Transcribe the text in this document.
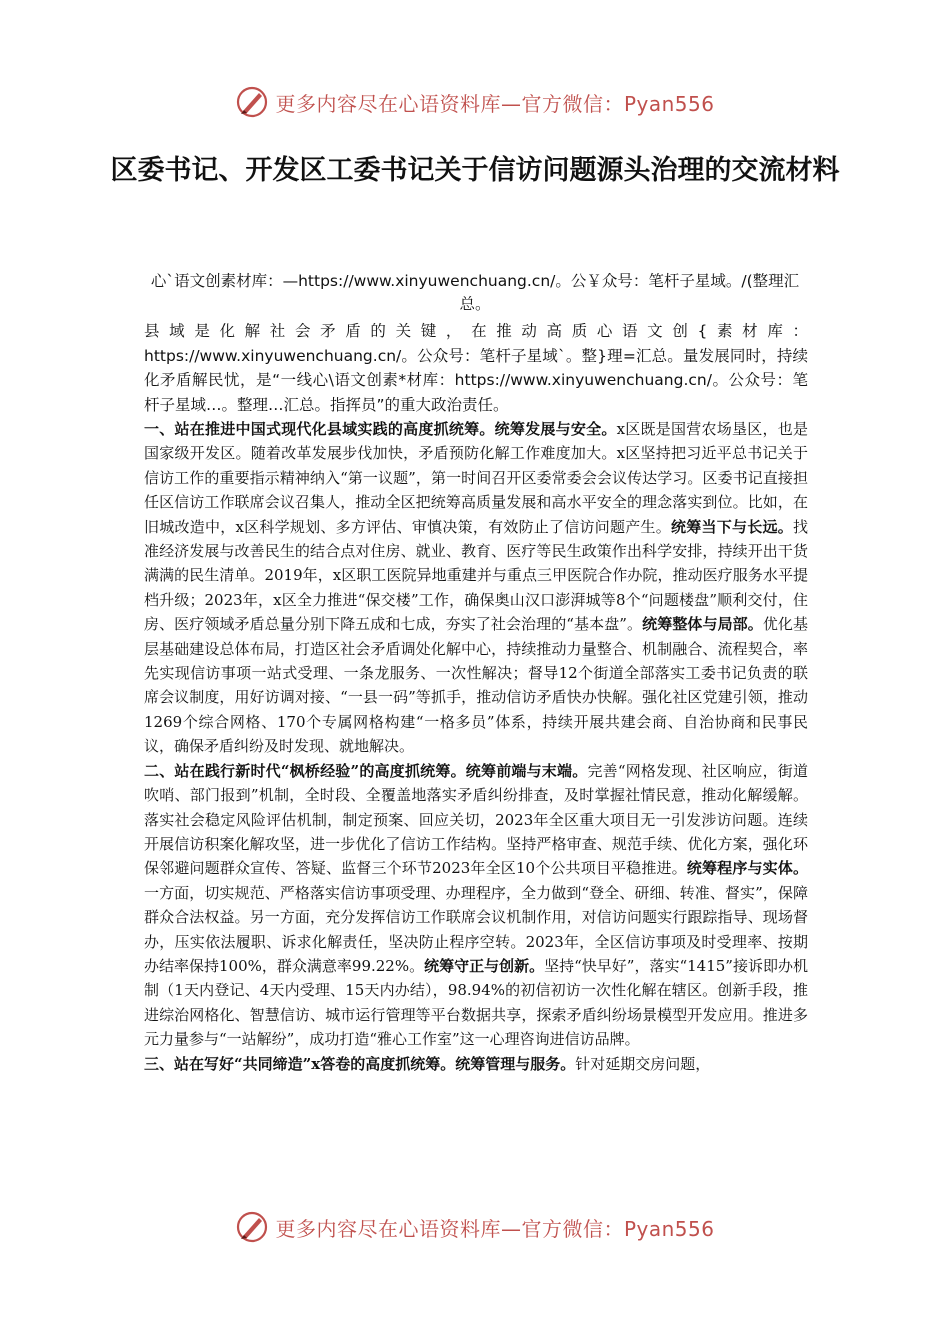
更多内容尽在心语资料库—官方微信：Pyan556
区委书记、开发区工委书记关于信访问题源头治理的交流材料
心`语文创素材库：—https://www.xinyuwenchuang.cn/。公￥众号：笔杆子星域。/(整理汇总。

县域是化解社会矛盾的关键，在推动高质心语文创{素材库：https://www.xinyuwenchuang.cn/。公众号：笔杆子星域`。整}理=汇总。量发展同时，持续化矛盾解民忧，是“一线心\语文创素*材库：https://www.xinyuwenchuang.cn/。公众号：笔杆子星域…。整理…汇总。指挥员”的重大政治责任。

一、站在推进中国式现代化县域实践的高度抓统筹。统筹发展与安全。x区既是国营农场垦区，也是国家级开发区。随着改革发展步伐加快，矛盾预防化解工作难度加大。x区坚持把习近平总书记关于信访工作的重要指示精神纳入“第一议题”，第一时间召开区委常委会会议传达学习。区委书记直接担任区信访工作联席会议召集人，推动全区把统筹高质量发展和高水平安全的理念落实到位。比如，在旧城改造中，x区科学规划、多方评估、审慎决策，有效防止了信访问题产生。统筹当下与长远。找准经济发展与改善民生的结合点对住房、就业、教育、医疗等民生政策作出科学安排，持续开出干货满满的民生清单。2019年，x区职工医院异地重建并与重点三甲医院合作办院，推动医疗服务水平提档升级；2023年，x区全力推进“保交楼”工作，确保奥山汉口澎湃城等8个“问题楼盘”顺利交付，住房、医疗领域矛盾总量分别下降五成和七成，夯实了社会治理的“基本盘”。统筹整体与局部。优化基层基础建设总体布局，打造区社会矛盾调处化解中心，持续推动力量整合、机制融合、流程契合，率先实现信访事项一站式受理、一条龙服务、一次性解决；督导12个街道全部落实工委书记负责的联席会议制度，用好访调对接、“一县一码”等抓手，推动信访矛盾快办快解。强化社区党建引领，推动1269个综合网格、170个专属网格构建“一格多员”体系，持续开展共建会商、自治协商和民事民议，确保矛盾纠纷及时发现、就地解决。

二、站在践行新时代“枫桥经验”的高度抓统筹。统筹前端与末端。完善“网格发现、社区响应，街道吹哨、部门报到”机制，全时段、全覆盖地落实矛盾纠纷排查，及时掌握社情民意，推动化解缓解。落实社会稳定风险评估机制，制定预案、回应关切，2023年全区重大项目无一引发涉访问题。连续开展信访积案化解攻坚，进一步优化了信访工作结构。坚持严格审查、规范手续、优化方案，强化环保邻避问题群众宣传、答疑、监督三个环节2023年全区10个公共项目平稳推进。统筹程序与实体。一方面，切实规范、严格落实信访事项受理、办理程序，全力做到“登全、研细、转准、督实”，保障群众合法权益。另一方面，充分发挥信访工作联席会议机制作用，对信访问题实行跟踪指导、现场督办，压实依法履职、诉求化解责任，坚决防止程序空转。2023年，全区信访事项及时受理率、按期办结率保持100%，群众满意率99.22%。统筹守正与创新。坚持“快早好”，落实“1415”接诉即办机制（1天内登记、4天内受理、15天内办结），98.94%的初信初访一次性化解在辖区。创新手段，推进综治网格化、智慧信访、城市运行管理等平台数据共享，探索矛盾纠纷场景模型开发应用。推进多元力量参与“一站解纷”，成功打造“雅心工作室”这一心理咨询进信访品牌。

三、站在写好“共同缔造”x答卷的高度抓统筹。统筹管理与服务。针对延期交房问题，

更多内容尽在心语资料库—官方微信：Pyan556
